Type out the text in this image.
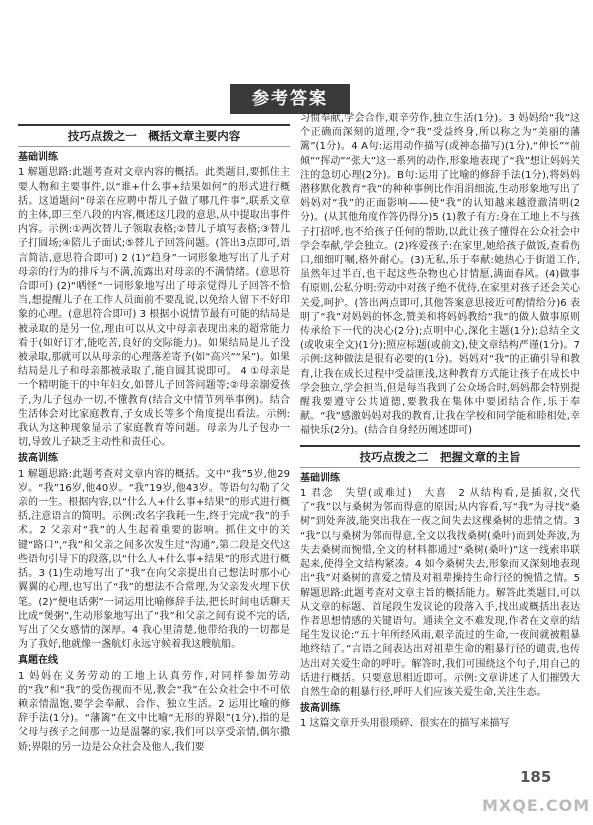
参考答案
技巧点拨之一　概括文章主要内容
基础训练

1 解题思路:此题考查对文章内容的概括。此类题目,要抓住主要人物和主要事件,以“谁+什么事+结果如何”的形式进行概括。这道题问“母亲在应聘中帮儿子做了哪几件事”,联系文章的主体,即三至八段的内容,概述这几段的意思,从中提取出事件内容。示例:①两次替儿子领取表格;②替儿子填写表格;③替儿子打圆场;④陪儿子面试;⑤替儿子回答问题。(答出3点即可,语言简洁,意思符合即可) 2 (1)“趋身”一词形象地写出了儿子对母亲的行为的排斥与不满,流露出对母亲的不满情绪。(意思符合即可) (2)“哂怪”一词形象地写出了母亲觉得儿子回答不恰当,想提醒儿子在工作人员面前不要乱说,以免给人留下不好印象的心理。(意思符合即可) 3 根据小说情节最有可能的结局是被录取的是另一位,理由可以从文中母亲表现出来的超常能力看于(如好订才,能吃苦,良好的交际能力)。如果结局是儿子没被录取,那就可以从母亲的心理落差寄予(如“高兴”“呆”)。如果结局是儿子和母亲都被录取了,能自圆其说即可。 4 ①母亲是一个精明能干的中年妇女,如替儿子回答问题等;②母亲溺爱孩子,为儿子包办一切,不懂教育(结合文中情节列举事例)。结合生活体会对比家庭教育,子女成长等多个角度提出看法。示例:我认为这种现象显示了家庭教育等问题。母亲为儿子包办一切,导致儿子缺乏主动性和责任心。

拔高训练

1 解题思路:此题考查对文章内容的概括。文中“我”5岁,他29岁。“我”16岁,他40岁。“我”19岁,他43岁。等语句勾勒了父亲的一生。根据内容,以“什么人+什么事+结果”的形式进行概括,注意语言的简明。示例:改名字我耗一生,终于完成“我”的手术。2 父亲对“我”的人生起着重要的影响。抓住文中的关键“路口”,“我”和父亲之间多次发生过“沟通”,第二段是交代这些语句引导下的段落,以“什么人+什么事+结果”的形式进行概括。3 (1)生动地写出了“我”在向父亲提出自己想法时那小心翼翼的心理,也写出了“我”的想法不合常理,为父亲发火埋下伏笔。(2)“便电话粥”一词运用比喻修辞手法,把长时间电话聊天比成“煲粥”,生动形象地写出了“我”和父亲之间有说不完的话,写出了父女感情的深厚。4 我心里清楚,他带给我的一切都是为了我好,他就像一盏航灯永远守候着我这艘航船。

真题在线

1 妈妈在义务劳动的工地上认真劳作,对同样参加劳动的“我”和“我”的受伤视而不见,教会“我”在公众社会中不可依赖亲情温饱,要学会奉献、合作、独立生活。2 运用比喻的修辞手法(1分)。“藩篱”在文中比喻“无形的界限”(1分),指的是父母与孩子之间那一边是温馨的家,我们可以享受亲情,偶尔撒娇;界限的另一边是公众社会及他人,我们要

习惯奉献,学会合作,艰辛劳作,独立生活(1分)。3 妈妈给“我”这个正确而深刻的道理,令“我”受益终身,所以称之为“美丽的藩篱”(1分)。4 A句:运用动作描写(或神态描写)(1分),“伸长”“前倾”“挥动”“张大”这一系列的动作,形象地表现了“我”想让妈妈关注的急切心理(2分)。B句:运用了比喻的修辞手法(1分),将妈妈潜移默化教育“我”的种种事例比作涓涓细流,生动形象地写出了妈妈对“我”的正面影响——使“我”的认知越来越澄澈清明(2分)。(从其他角度作答仍得分)5 (1)教子有方:身在工地上不与孩子打招呼,也不给孩子任何的帮助,以此让孩子懂得在公众社会中学会奉献,学会独立。(2)疼爱孩子:在家里,她给孩子做饭,查看伤口,细细叮嘱,格外耐心。(3)无私,乐于奉献:她热心于街道工作,虽然年过半百,也干起这些杂物也心甘情愿,满面春风。(4)做事有原则,公私分明:劳动中对孩子绝不优待,在家里对孩子还会关心关爱,呵护。(答出两点即可,其他答案意思接近可酌情给分)6 表明了“我”对妈妈的怀念,赞美和将妈妈教给“我”的做人做事原则传承给下一代的决心(2分);点明中心,深化主题(1分);总结全文(或收束全文)(1分);照应标题(或前文),使文章结构严谨(1分)。7 示例:这种做法是很有必要的(1分)。妈妈对“我”的正确引导和教育,让我在成长过程中受益匪浅,这种教育方式能让孩子在成长中学会独立,学会担当,但是每当我到了公众场合时,妈妈都会特别提醒我要遵守公共道德,要教我在集体中要团结合作,乐于奉献。“我”感激妈妈对我的教育,让我在学校和同学能和睦相处,幸福快乐(2分)。(结合自身经历阐述即可)

技巧点拨之二　把握文章的主旨
基础训练

1 君念　失望(或难过)　大喜　2 从结构看,是插叙,交代了“我”以与桑树为邻而得意的原因;从内容看,写“我”为寻找“桑树”到处奔波,能突出我在一夜之间失去这棵桑树的悲情之情。3 “我”以与桑树为邻而得意,全文以我找桑树(桑叶)而到处奔波,为失去桑树而惋惜,全文的材料都通过“桑树(桑叶)”这一线索串联起来,使得全文结构紧凑。4 如今桑树失去,形象而又深刻地表现出“我”对桑树的喜爱之情及对祖辈操持生命行径的惋惜之情。5 解题思路:此题考查对文章主旨的概括能力。解答此类题目,可以从文章的标题、首尾段生发议论的段落入手,找出或概括出表达作者思想情感的关键语句。通读全文不难发现,作者在文章的结尾生发议论:“五十年所经风雨,艰辛流过的生命,一夜间就被粗暴地终结了。”言语之间表达出对祖辈生命的粗暴行径的谴责,也传达出对关爱生命的呼吁。解答时,我们可围绕这个句子,用自己的话进行概括。只要意思相近即可。示例:文章讲述了人们摧毁大自然生命的粗暴行径,呼吁人们应该关爱生命,关注生态。

拔高训练

1 这篇文章开头用很琐碎、很实在的描写来描写

185
MXQE.COM
